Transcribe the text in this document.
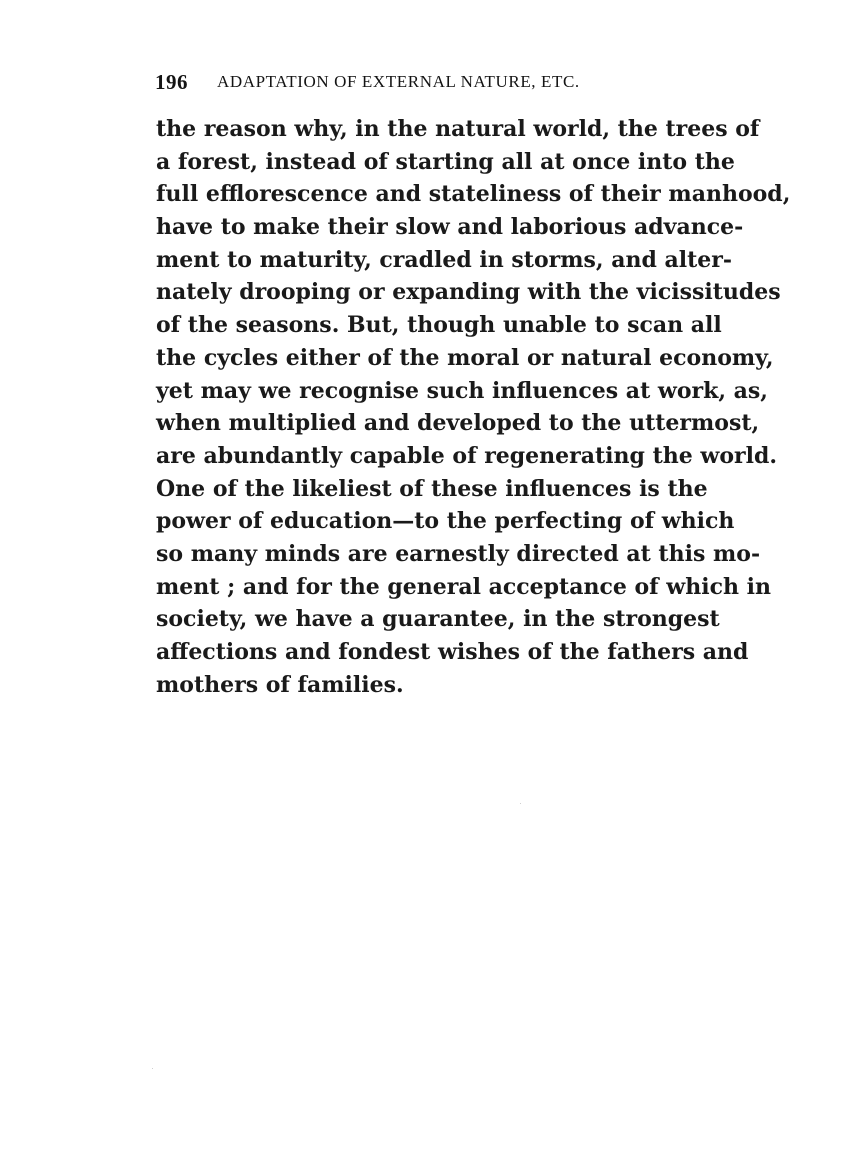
196 ADAPTATION OF EXTERNAL NATURE, ETC.
the reason why, in the natural world, the trees of
a forest, instead of starting all at once into the
full efflorescence and stateliness of their manhood,
have to make their slow and laborious advance-
ment to maturity, cradled in storms, and alter-
nately drooping or expanding with the vicissitudes
of the seasons. But, though unable to scan all
the cycles either of the moral or natural economy,
yet may we recognise such influences at work, as,
when multiplied and developed to the uttermost,
are abundantly capable of regenerating the world.
One of the likeliest of these influences is the
power of education—to the perfecting of which
so many minds are earnestly directed at this mo-
ment ; and for the general acceptance of which in
society, we have a guarantee, in the strongest
affections and fondest wishes of the fathers and
mothers of families.
